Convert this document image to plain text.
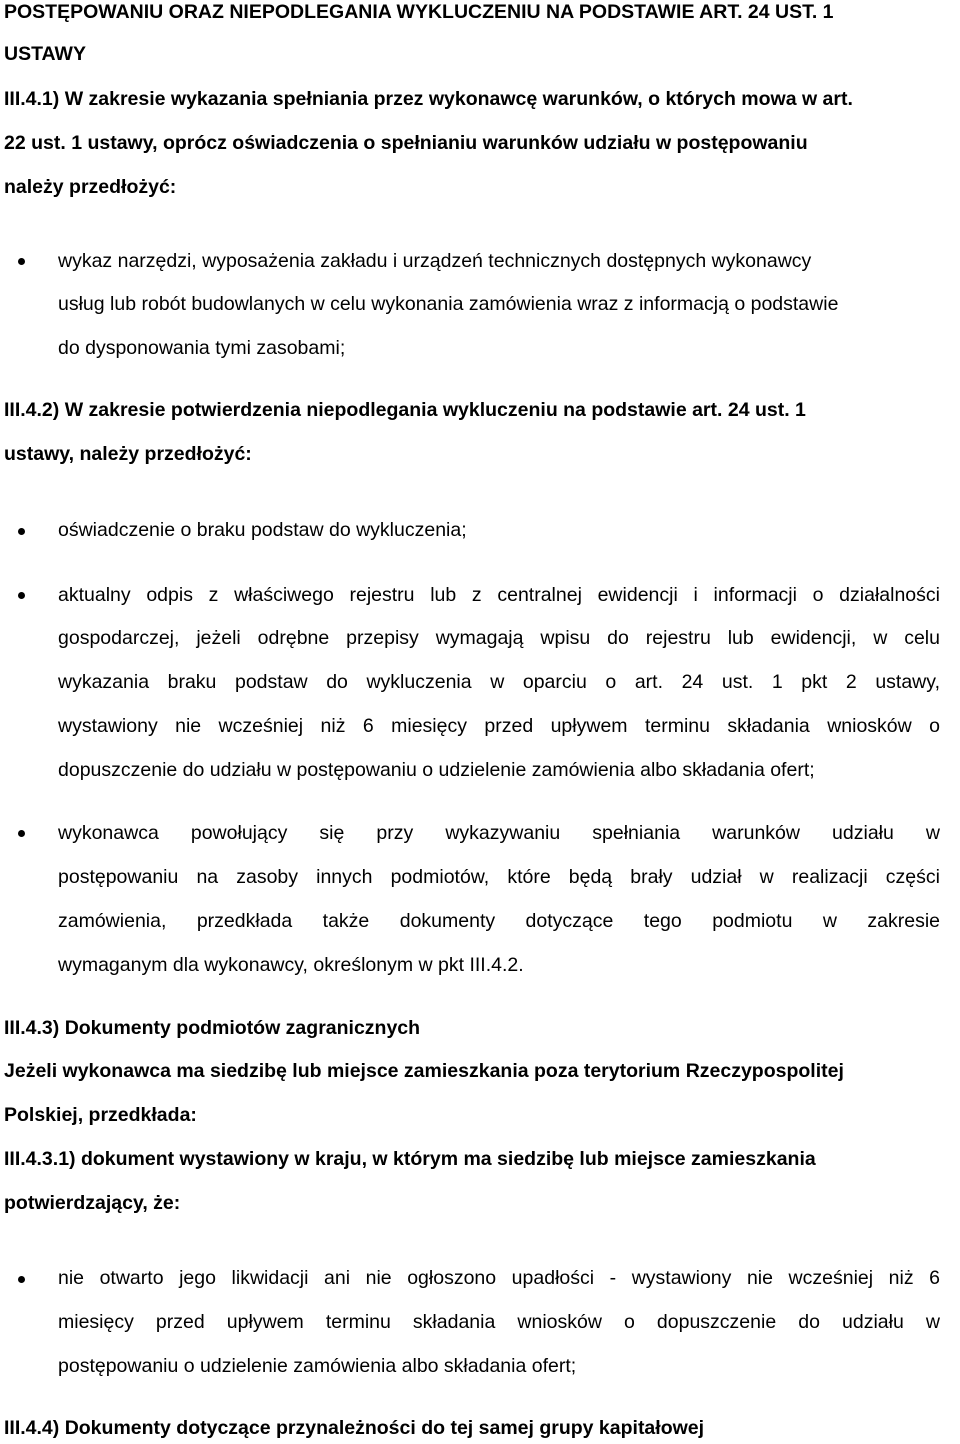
POSTĘPOWANIU ORAZ NIEPODLEGANIA WYKLUCZENIU NA PODSTAWIE ART. 24 UST. 1
USTAWY
III.4.1) W zakresie wykazania spełniania przez wykonawcę warunków, o których mowa w art.
22 ust. 1 ustawy, oprócz oświadczenia o spełnianiu warunków udziału w postępowaniu
należy przedłożyć:
wykaz narzędzi, wyposażenia zakładu i urządzeń technicznych dostępnych wykonawcy
usług lub robót budowlanych w celu wykonania zamówienia wraz z informacją o podstawie
do dysponowania tymi zasobami;
III.4.2) W zakresie potwierdzenia niepodlegania wykluczeniu na podstawie art. 24 ust. 1
ustawy, należy przedłożyć:
oświadczenie o braku podstaw do wykluczenia;
aktualny odpis z właściwego rejestru lub z centralnej ewidencji i informacji o działalności
gospodarczej, jeżeli odrębne przepisy wymagają wpisu do rejestru lub ewidencji, w celu
wykazania braku podstaw do wykluczenia w oparciu o art. 24 ust. 1 pkt 2 ustawy,
wystawiony nie wcześniej niż 6 miesięcy przed upływem terminu składania wniosków o
dopuszczenie do udziału w postępowaniu o udzielenie zamówienia albo składania ofert;
wykonawca powołujący się przy wykazywaniu spełniania warunków udziału w
postępowaniu na zasoby innych podmiotów, które będą brały udział w realizacji części
zamówienia, przedkłada także dokumenty dotyczące tego podmiotu w zakresie
wymaganym dla wykonawcy, określonym w pkt III.4.2.
III.4.3) Dokumenty podmiotów zagranicznych
Jeżeli wykonawca ma siedzibę lub miejsce zamieszkania poza terytorium Rzeczypospolitej
Polskiej, przedkłada:
III.4.3.1) dokument wystawiony w kraju, w którym ma siedzibę lub miejsce zamieszkania
potwierdzający, że:
nie otwarto jego likwidacji ani nie ogłoszono upadłości - wystawiony nie wcześniej niż 6
miesięcy przed upływem terminu składania wniosków o dopuszczenie do udziału w
postępowaniu o udzielenie zamówienia albo składania ofert;
III.4.4) Dokumenty dotyczące przynależności do tej samej grupy kapitałowej
